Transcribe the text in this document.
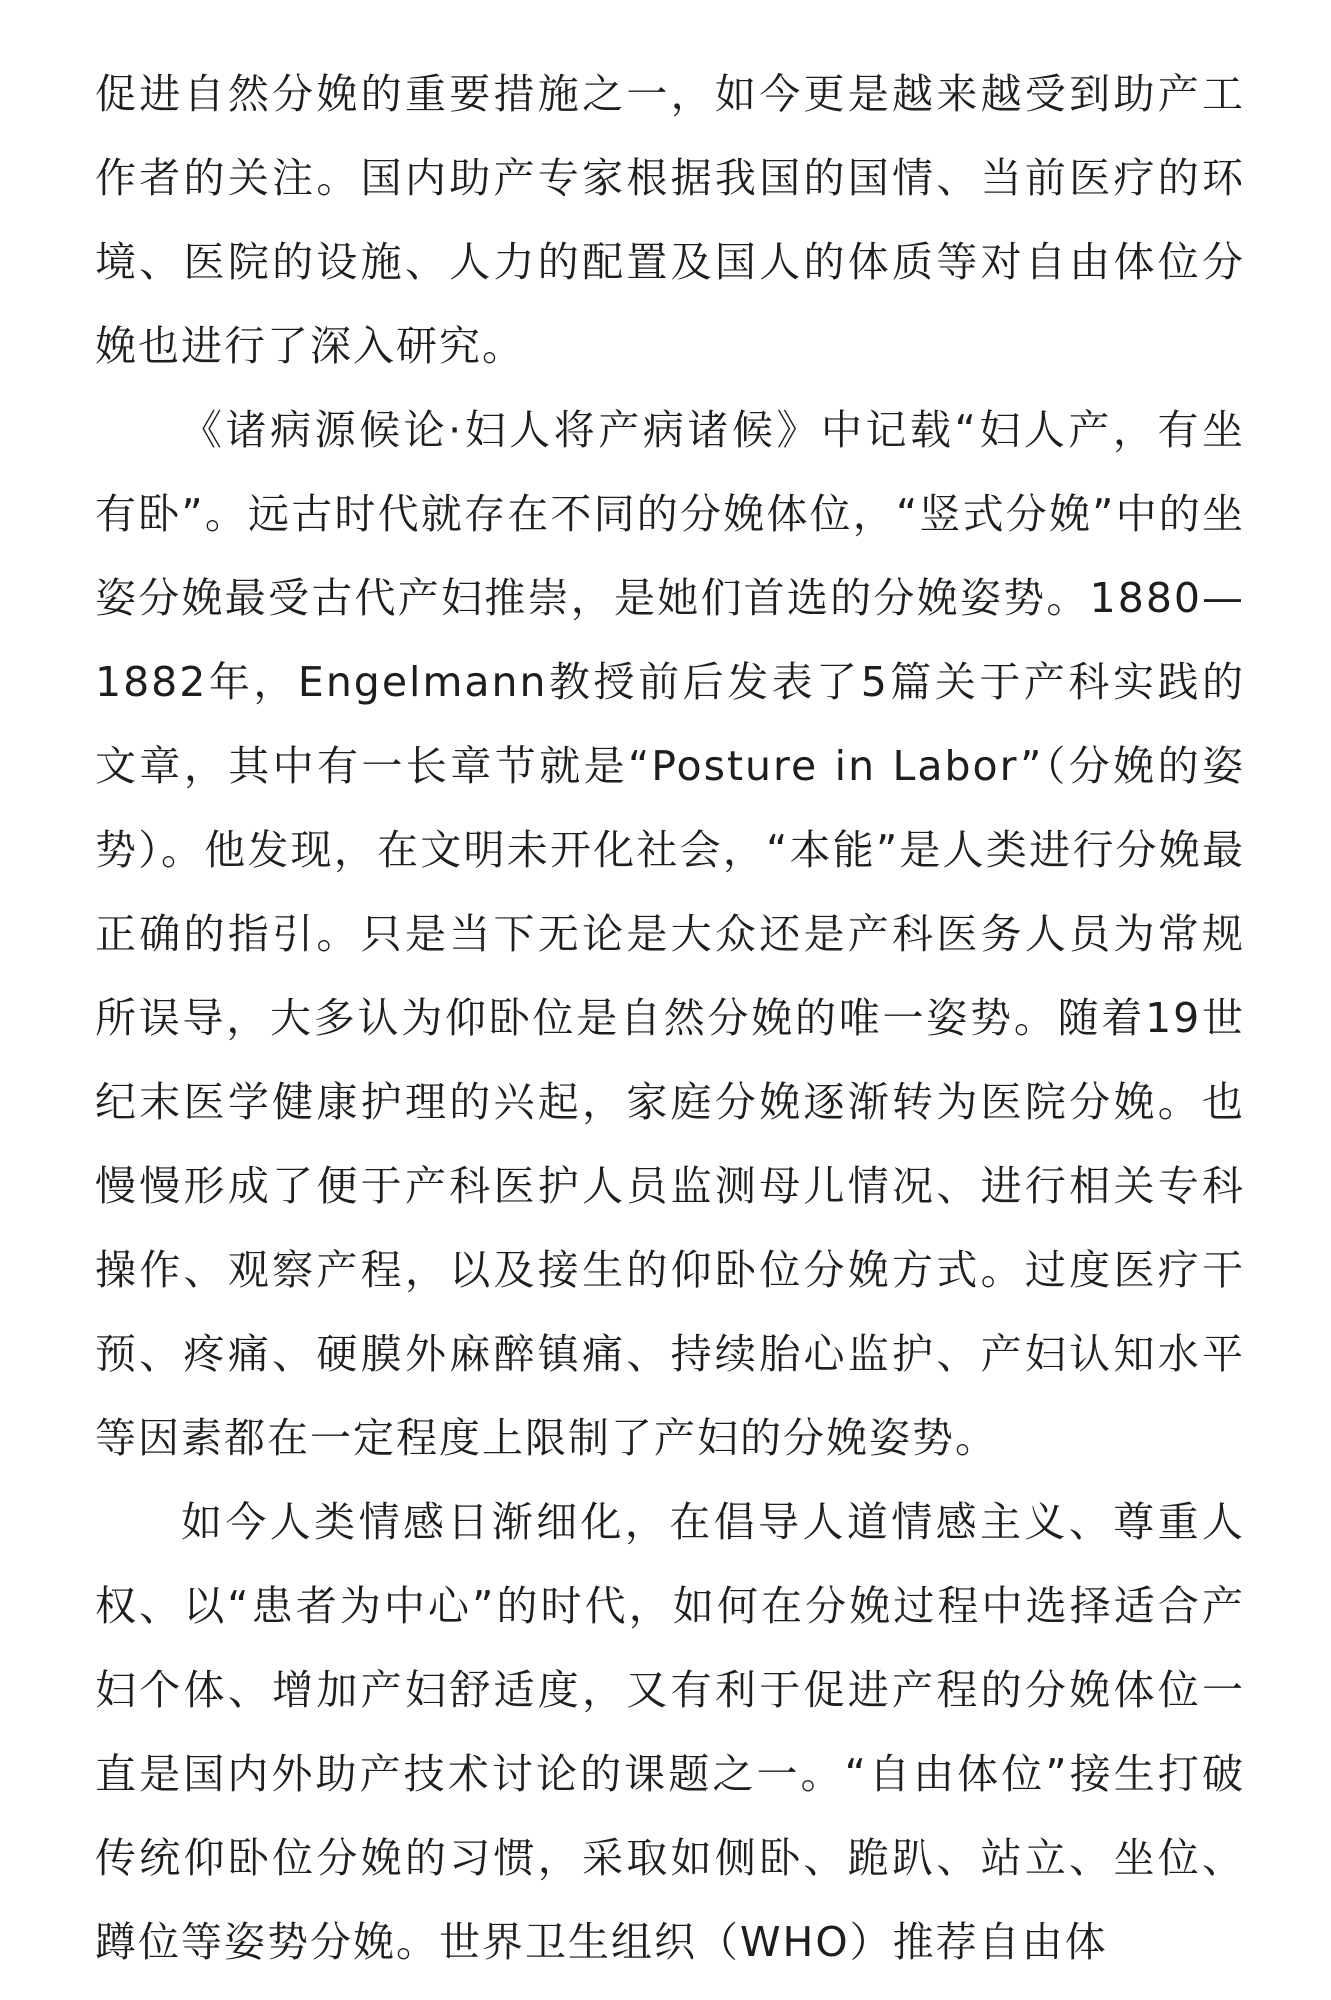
促进自然分娩的重要措施之一，如今更是越来越受到助产工作者的关注。国内助产专家根据我国的国情、当前医疗的环境、医院的设施、人力的配置及国人的体质等对自由体位分娩也进行了深入研究。

《诸病源候论·妇人将产病诸候》中记载“妇人产，有坐有卧”。远古时代就存在不同的分娩体位，“竖式分娩”中的坐姿分娩最受古代产妇推崇，是她们首选的分娩姿势。1880—1882年，Engelmann教授前后发表了5篇关于产科实践的文章，其中有一长章节就是“Posture in Labor”（分娩的姿势）。他发现，在文明未开化社会，“本能”是人类进行分娩最正确的指引。只是当下无论是大众还是产科医务人员为常规所误导，大多认为仰卧位是自然分娩的唯一姿势。随着19世纪末医学健康护理的兴起，家庭分娩逐渐转为医院分娩。也慢慢形成了便于产科医护人员监测母儿情况、进行相关专科操作、观察产程，以及接生的仰卧位分娩方式。过度医疗干预、疼痛、硬膜外麻醉镇痛、持续胎心监护、产妇认知水平等因素都在一定程度上限制了产妇的分娩姿势。

如今人类情感日渐细化，在倡导人道情感主义、尊重人权、以“患者为中心”的时代，如何在分娩过程中选择适合产妇个体、增加产妇舒适度，又有利于促进产程的分娩体位一直是国内外助产技术讨论的课题之一。“自由体位”接生打破传统仰卧位分娩的习惯，采取如侧卧、跪趴、站立、坐位、蹲位等姿势分娩。世界卫生组织（WHO）推荐自由体
